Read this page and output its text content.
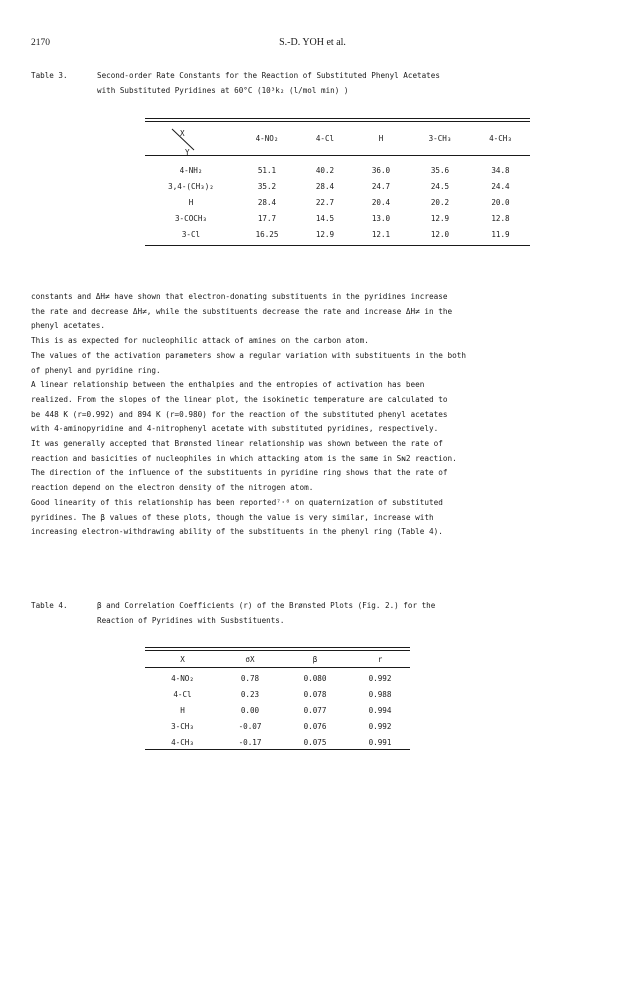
2170	S.-D. YOH et al.
Table 3.	Second-order Rate Constants for the Reaction of Substituted Phenyl Acetates
with Substituted Pyridines at 60°C (10³k₂ (l/mol min) )
X
Y
	4-NO₂	4-Cl	H	3-CH₃	4-CH₃

4-NH₂	51.1	40.2	36.0	35.6	34.8
3,4-(CH₃)₂	35.2	28.4	24.7	24.5	24.4
H	28.4	22.7	20.4	20.2	20.0
3-COCH₃	17.7	14.5	13.0	12.9	12.8
3-Cl	16.25	12.9	12.1	12.0	11.9

constants and ΔH≠ have shown that electron-donating substituents in the pyridines increase

the rate and decrease ΔH≠, while the substituents decrease the rate and increase ΔH≠ in the

phenyl acetates.

This is as expected for nucleophilic attack of amines on the carbon atom.

The values of the activation parameters show a regular variation with substituents in the both

of phenyl and pyridine ring.

A linear relationship between the enthalpies and the entropies of activation has been

realized. From the slopes of the linear plot, the isokinetic temperature are calculated to

be 448 K (r=0.992) and 894 K (r=0.980) for the reaction of the substituted phenyl acetates

with 4-aminopyridine and 4-nitrophenyl acetate with substituted pyridines, respectively.

It was generally accepted that Brønsted linear relationship was shown between the rate of

reaction and basicities of nucleophiles in which attacking atom is the same in Sɴ2 reaction.

The direction of the influence of the substituents in pyridine ring shows that the rate of

reaction depend on the electron density of the nitrogen atom.

Good linearity of this relationship has been reported⁷˒⁸ on quaternization of substituted

pyridines. The β values of these plots, though the value is very similar, increase with

increasing electron-withdrawing ability of the substituents in the phenyl ring (Table 4).

Table 4.	β and Correlation Coefficients (r) of the Brønsted Plots (Fig. 2.) for the
Reaction of Pyridines with Susbstituents.
X	σX	β	r

4-NO₂	0.78	0.080	0.992
4-Cl	0.23	0.078	0.988
H	0.00	0.077	0.994
3-CH₃	-0.07	0.076	0.992
4-CH₃	-0.17	0.075	0.991
